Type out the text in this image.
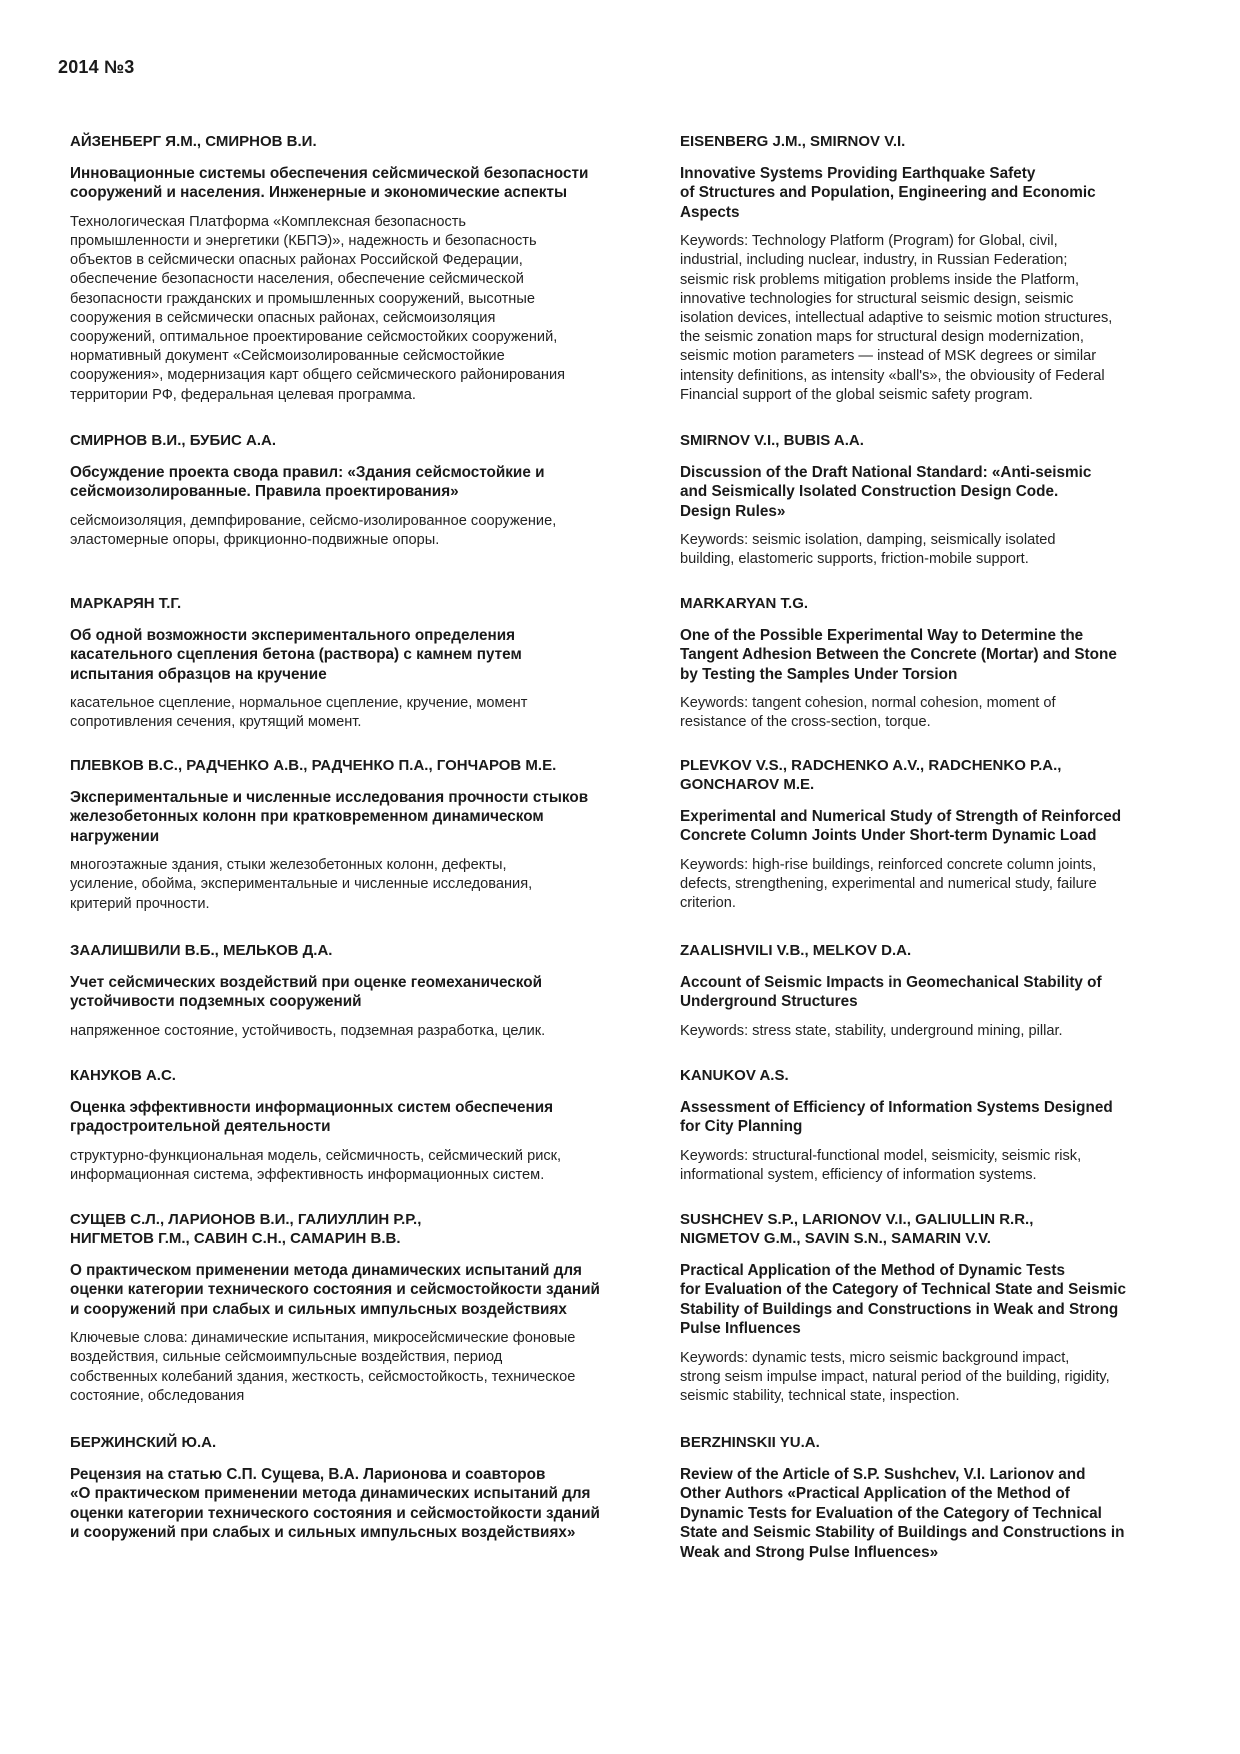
2014 №3

АЙЗЕНБЕРГ Я.М., СМИРНОВ В.И.

Инновационные системы обеспечения сейсмической безопасности
сооружений и населения. Инженерные и экономические аспекты

Технологическая Платформа «Комплексная безопасность
промышленности и энергетики (КБПЭ)», надежность и безопасность
объектов в сейсмически опасных районах Российской Федерации,
обеспечение безопасности населения, обеспечение сейсмической
безопасности гражданских и промышленных сооружений, высотные
сооружения в сейсмически опасных районах, сейсмоизоляция
сооружений, оптимальное проектирование сейсмостойких сооружений,
нормативный документ «Сейсмоизолированные сейсмостойкие
сооружения», модернизация карт общего сейсмического районирования
территории РФ, федеральная целевая программа.

EISENBERG J.M., SMIRNOV V.I.

Innovative Systems Providing Earthquake Safety
of Structures and Population, Engineering and Economic
Aspects

Keywords: Technology Platform (Program) for Global, civil,
industrial, including nuclear, industry, in Russian Federation;
seismic risk problems mitigation problems inside the Platform,
innovative technologies for structural seismic design, seismic
isolation devices, intellectual adaptive to seismic motion structures,
the seismic zonation maps for structural design modernization,
seismic motion parameters — instead of MSK degrees or similar
intensity definitions, as intensity «ball's», the obviousity of Federal
Financial support of the global seismic safety program.

СМИРНОВ В.И., БУБИС А.А.

Обсуждение проекта свода правил: «Здания сейсмостойкие и
сейсмоизолированные. Правила проектирования»

сейсмоизоляция, демпфирование, сейсмо-изолированное сооружение,
эластомерные опоры, фрикционно-подвижные опоры.

SMIRNOV V.I., BUBIS A.A.

Discussion of the Draft National Standard: «Anti-seismic
and Seismically Isolated Construction Design Code.
Design Rules»

Keywords: seismic isolation, damping, seismically isolated
building, elastomeric supports, friction-mobile support.

МАРКАРЯН Т.Г.

Об одной возможности экспериментального определения
касательного сцепления бетона (раствора) с камнем путем
испытания образцов на кручение

касательное сцепление, нормальное сцепление, кручение, момент
сопротивления сечения, крутящий момент.

MARKARYAN T.G.

One of the Possible Experimental Way to Determine the
Tangent Adhesion Between the Concrete (Mortar) and Stone
by Testing the Samples Under Torsion

Keywords: tangent cohesion, normal cohesion, moment of
resistance of the cross-section, torque.

ПЛЕВКОВ В.С., РАДЧЕНКО А.В., РАДЧЕНКО П.А., ГОНЧАРОВ М.Е.

Экспериментальные и численные исследования прочности стыков
железобетонных колонн при кратковременном динамическом
нагружении

многоэтажные здания, стыки железобетонных колонн, дефекты,
усиление, обойма, экспериментальные и численные исследования,
критерий прочности.

PLEVKOV V.S., RADCHENKO A.V., RADCHENKO P.A.,
GONCHAROV M.E.

Experimental and Numerical Study of Strength of Reinforced
Concrete Column Joints Under Short-term Dynamic Load

Keywords: high-rise buildings, reinforced concrete column joints,
defects, strengthening, experimental and numerical study, failure
criterion.

ЗААЛИШВИЛИ В.Б., МЕЛЬКОВ Д.А.

Учет сейсмических воздействий при оценке геомеханической
устойчивости подземных сооружений

напряженное состояние, устойчивость, подземная разработка, целик.

ZAALISHVILI V.B., MELKOV D.A.

Account of Seismic Impacts in Geomechanical Stability of
Underground Structures

Keywords: stress state, stability, underground mining, pillar.

КАНУКОВ А.С.

Оценка эффективности информационных систем обеспечения
градостроительной деятельности

структурно-функциональная модель, сейсмичность, сейсмический риск,
информационная система, эффективность информационных систем.

KANUKOV A.S.

Assessment of Efficiency of Information Systems Designed
for City Planning

Keywords: structural-functional model, seismicity, seismic risk,
informational system, efficiency of information systems.

СУЩЕВ С.Л., ЛАРИОНОВ В.И., ГАЛИУЛЛИН Р.Р.,
НИГМЕТОВ Г.М., САВИН С.Н., САМАРИН В.В.

О практическом применении метода динамических испытаний для
оценки категории технического состояния и сейсмостойкости зданий
и сооружений при слабых и сильных импульсных воздействиях

Ключевые слова: динамические испытания, микросейсмические фоновые
воздействия, сильные сейсмоимпульсные воздействия, период
собственных колебаний здания, жесткость, сейсмостойкость, техническое
состояние, обследования

SUSHCHEV S.P., LARIONOV V.I., GALIULLIN R.R.,
NIGMETOV G.M., SAVIN S.N., SAMARIN V.V.

Practical Application of the Method of Dynamic Tests
for Evaluation of the Category of Technical State and Seismic
Stability of Buildings and Constructions in Weak and Strong
Pulse Influences

Keywords: dynamic tests, micro seismic background impact,
strong seism impulse impact, natural period of the building, rigidity,
seismic stability, technical state, inspection.

БЕРЖИНСКИЙ Ю.А.

Рецензия на статью С.П. Сущева, В.А. Ларионова и соавторов
«О практическом применении метода динамических испытаний для
оценки категории технического состояния и сейсмостойкости зданий
и сооружений при слабых и сильных импульсных воздействиях»

BERZHINSKII YU.A.

Review of the Article of S.P. Sushchev, V.I. Larionov and
Other Authors «Practical Application of the Method of
Dynamic Tests for Evaluation of the Category of Technical
State and Seismic Stability of Buildings and Constructions in
Weak and Strong Pulse Influences»
